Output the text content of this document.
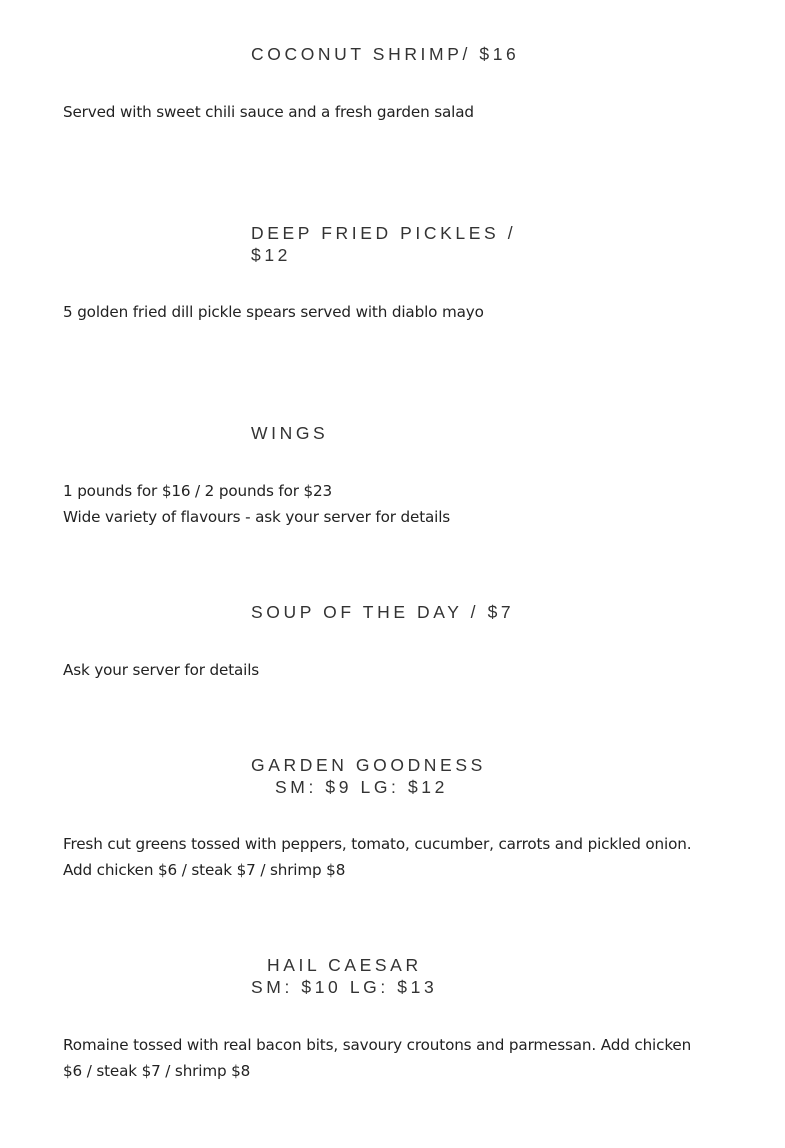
COCONUT SHRIMP/ $16
Served with sweet chili sauce and a fresh garden salad
DEEP FRIED PICKLES /
$12
5 golden fried dill pickle spears served with diablo mayo
WINGS
1 pounds for $16 / 2 pounds for $23
Wide variety of flavours - ask your server for details
SOUP OF THE DAY / $7
Ask your server for details
GARDEN GOODNESS
SM: $9 LG: $12
Fresh cut greens tossed with peppers, tomato, cucumber, carrots and pickled onion.
Add chicken $6 / steak $7 / shrimp $8
HAIL CAESAR
SM: $10 LG: $13
Romaine tossed with real bacon bits, savoury croutons and parmessan. Add chicken
$6 / steak $7 / shrimp $8
